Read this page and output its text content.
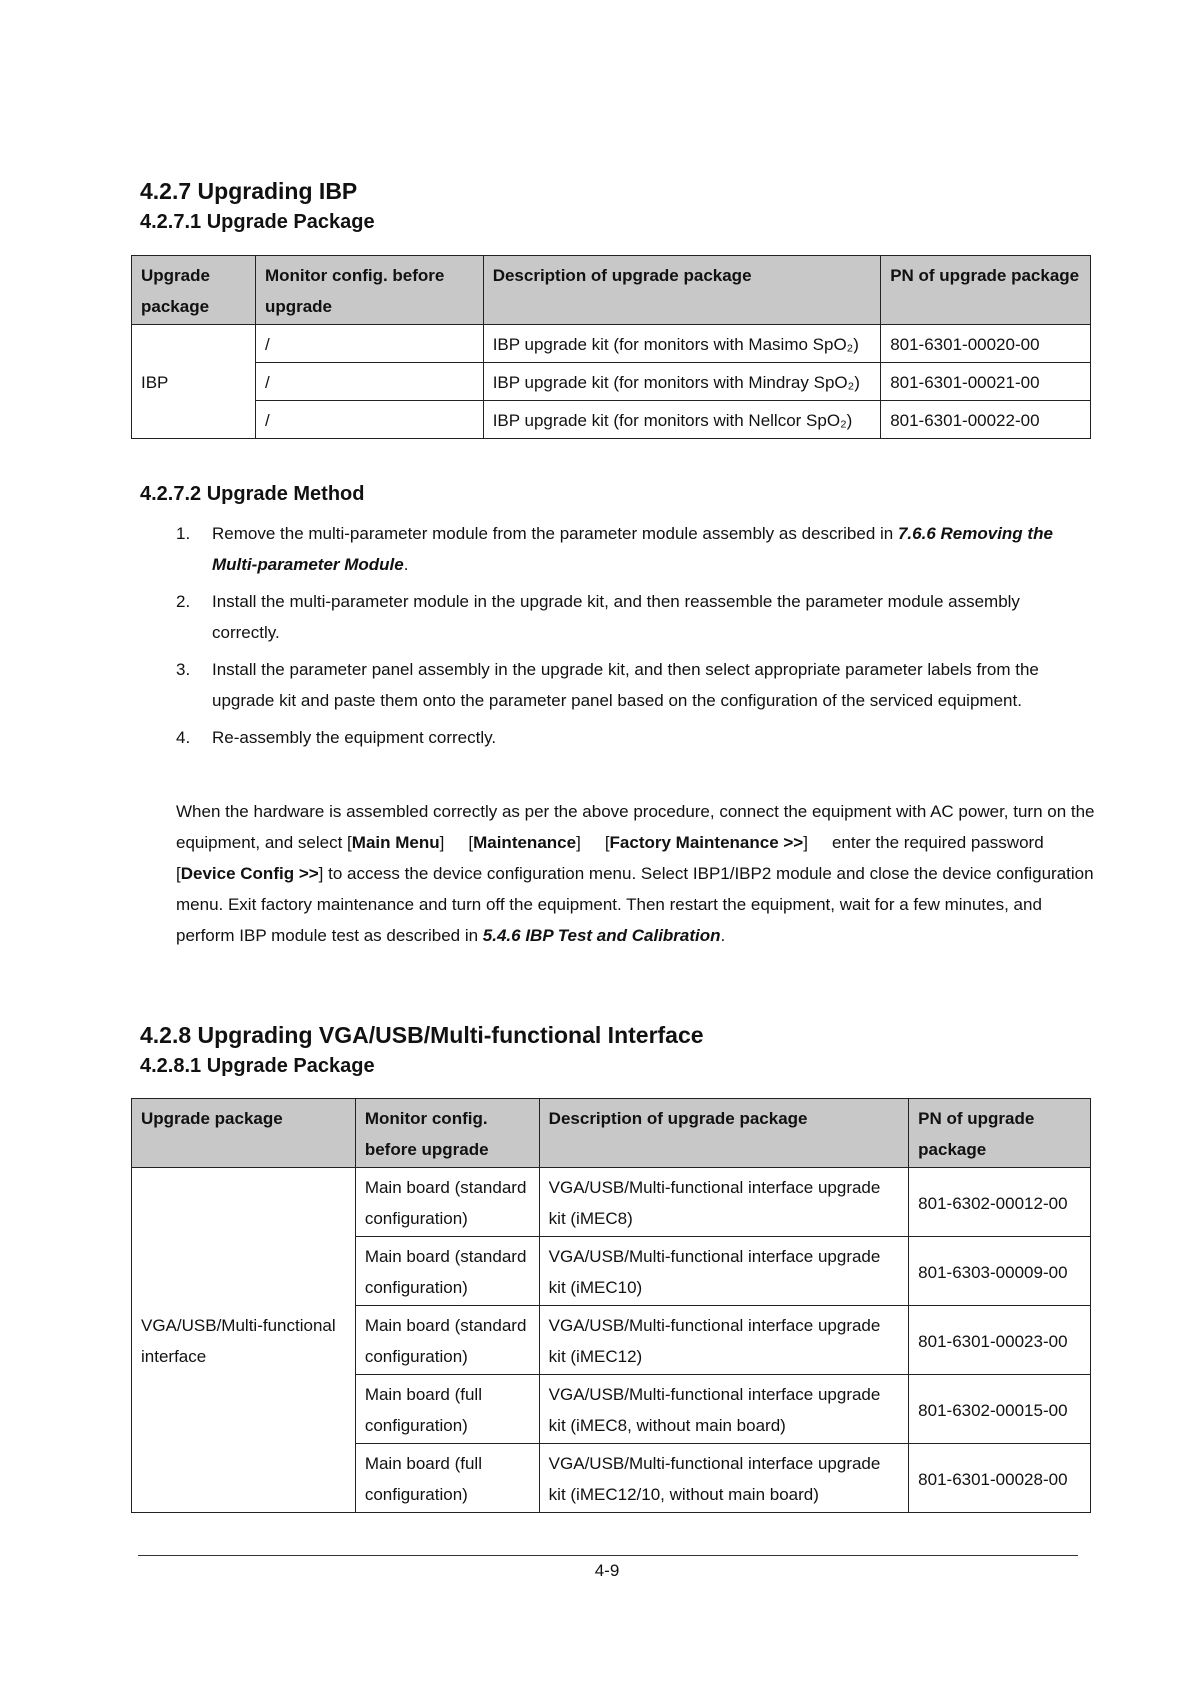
4.2.7 Upgrading IBP
4.2.7.1 Upgrade Package
Upgrade package	Monitor config. before upgrade	Description of upgrade package	PN of upgrade package
IBP	/	IBP upgrade kit (for monitors with Masimo SpO₂)	801-6301-00020-00
	/	IBP upgrade kit (for monitors with Mindray SpO₂)	801-6301-00021-00
	/	IBP upgrade kit (for monitors with Nellcor SpO₂)	801-6301-00022-00
4.2.7.2 Upgrade Method
1. Remove the multi-parameter module from the parameter module assembly as described in 7.6.6 Removing the Multi-parameter Module.
2. Install the multi-parameter module in the upgrade kit, and then reassemble the parameter module assembly correctly.
3. Install the parameter panel assembly in the upgrade kit, and then select appropriate parameter labels from the upgrade kit and paste them onto the parameter panel based on the configuration of the serviced equipment.
4. Re-assembly the equipment correctly.

When the hardware is assembled correctly as per the above procedure, connect the equipment with AC power, turn on the equipment, and select [Main Menu] [Maintenance] [Factory Maintenance >>] enter the required password[Device Config >>] to access the device configuration menu. Select IBP1/IBP2 module and close the device configuration menu. Exit factory maintenance and turn off the equipment. Then restart the equipment, wait for a few minutes, and perform IBP module test as described in 5.4.6 IBP Test and Calibration.

4.2.8 Upgrading VGA/USB/Multi-functional Interface
4.2.8.1 Upgrade Package
Upgrade package	Monitor config. before upgrade	Description of upgrade package	PN of upgrade package
VGA/USB/Multi-functional interface	Main board (standard configuration)	VGA/USB/Multi-functional interface upgrade kit (iMEC8)	801-6302-00012-00
	Main board (standard configuration)	VGA/USB/Multi-functional interface upgrade kit (iMEC10)	801-6303-00009-00
	Main board (standard configuration)	VGA/USB/Multi-functional interface upgrade kit (iMEC12)	801-6301-00023-00
	Main board (full configuration)	VGA/USB/Multi-functional interface upgrade kit (iMEC8, without main board)	801-6302-00015-00
	Main board (full configuration)	VGA/USB/Multi-functional interface upgrade kit (iMEC12/10, without main board)	801-6301-00028-00
4-9
